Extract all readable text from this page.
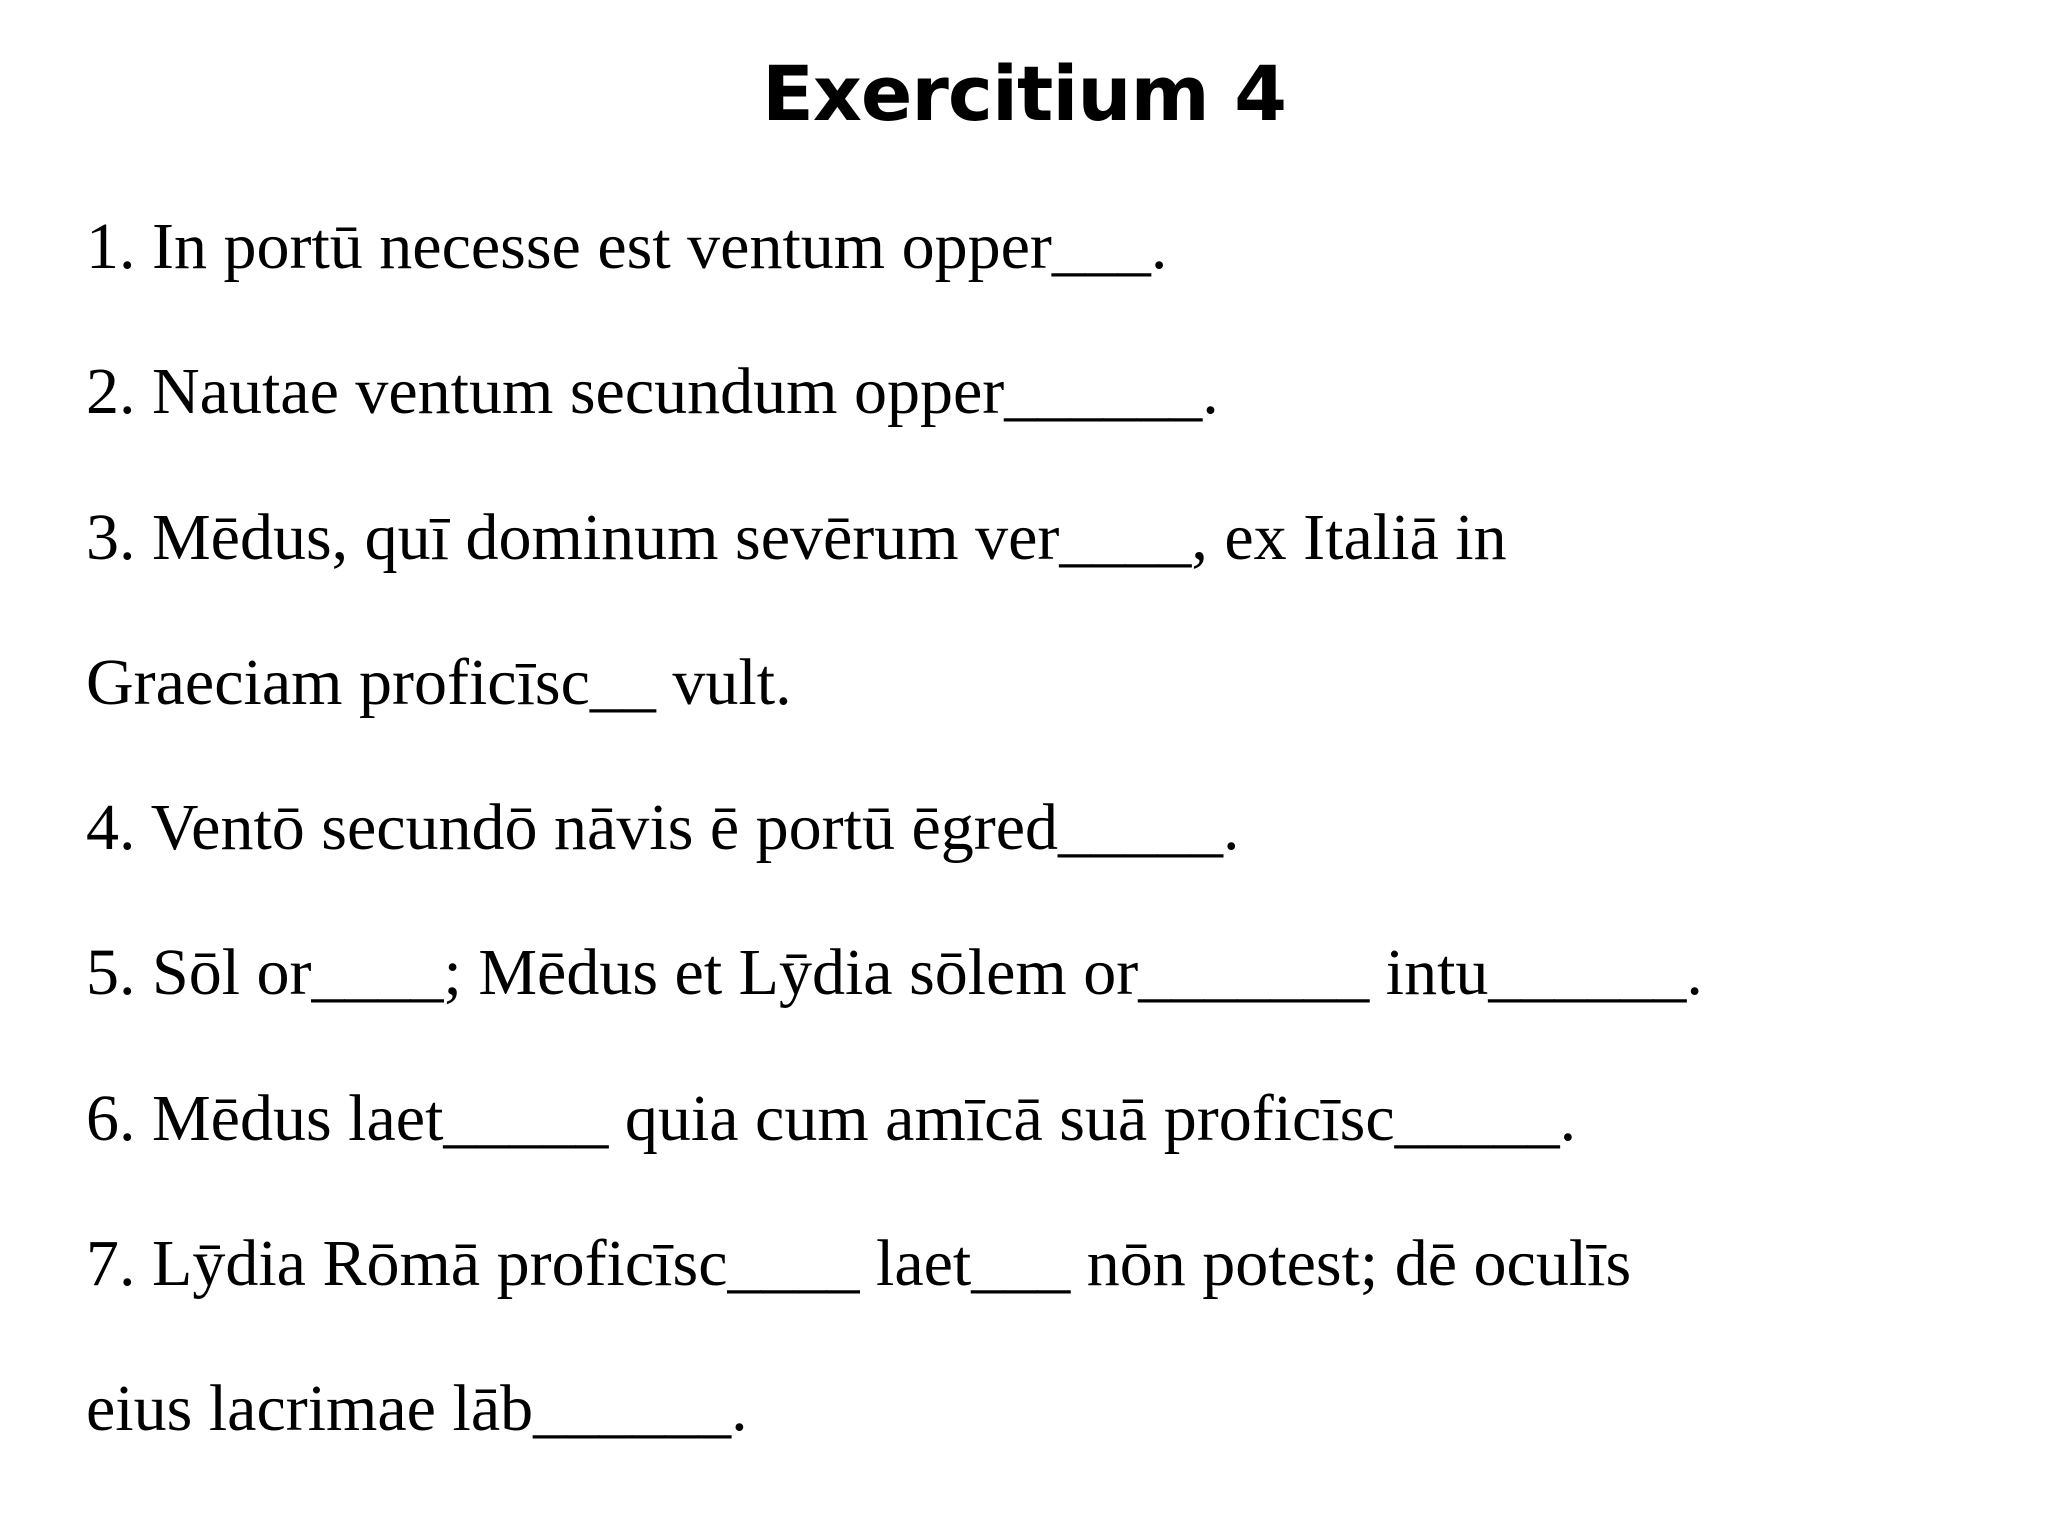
Exercitium 4
1. In portū necesse est ventum opper___.
2. Nautae ventum secundum opper______.
3. Mēdus, quī dominum sevērum ver____, ex Italiā in
Graeciam proficīsc__ vult.
4. Ventō secundō nāvis ē portū ēgred_____.
5. Sōl or____; Mēdus et Lȳdia sōlem or_______ intu______.
6. Mēdus laet_____ quia cum amīcā suā proficīsc_____.
7. Lȳdia Rōmā proficīsc____ laet___ nōn potest; dē oculīs
eius lacrimae lāb______.
